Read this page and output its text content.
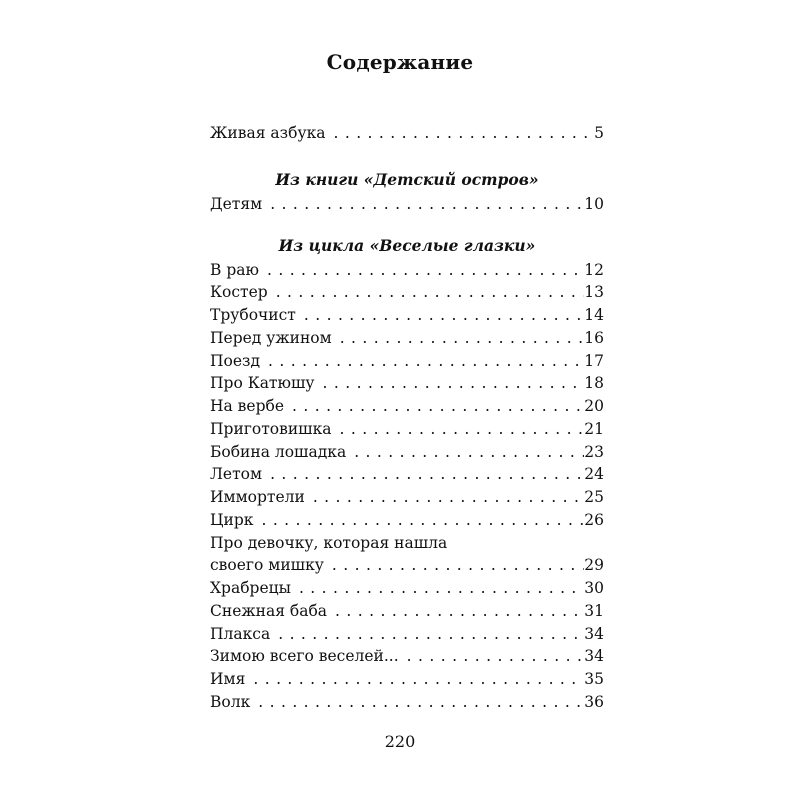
Содержание
Живая азбука . . .	5
Из книги «Детский остров»
Детям . . .	10
Из цикла «Веселые глазки»
В раю . . .	12
Костер . . .	13
Трубочист . . .	14
Перед ужином . . .	16
Поезд . . .	17
Про Катюшу . . .	18
На вербе . . .	20
Приготовишка . . .	21
Бобина лошадка . . .	23
Летом . . .	24
Иммортели . . .	25
Цирк . . .	26
Про девочку, которая нашла
своего мишку . . .	29
Храбрецы . . .	30
Снежная баба . . .	31
Плакса . . .	34
Зимою всего веселей... . . .	34
Имя . . .	35
Волк . . .	36
220
